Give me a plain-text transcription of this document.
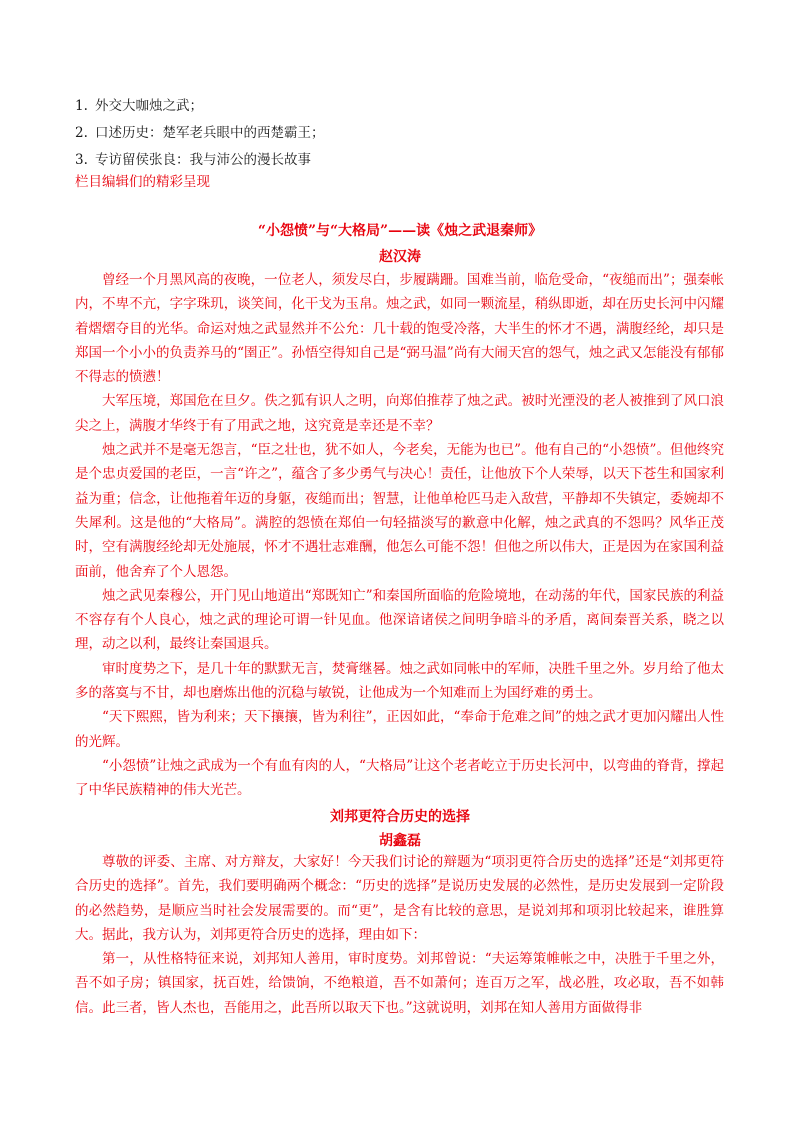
1. 外交大咖烛之武；
2. 口述历史：楚军老兵眼中的西楚霸王；
3. 专访留侯张良：我与沛公的漫长故事
栏目编辑们的精彩呈现
“小怨愤”与“大格局”——读《烛之武退秦师》
赵汉涛

曾经一个月黑风高的夜晚，一位老人，须发尽白，步履蹒跚。国难当前，临危受命，“夜缒而出”；强秦帐内，不卑不亢，字字珠玑，谈笑间，化干戈为玉帛。烛之武，如同一颗流星，稍纵即逝，却在历史长河中闪耀着熠熠夺目的光华。命运对烛之武显然并不公允：几十载的饱受冷落，大半生的怀才不遇，满腹经纶，却只是郑国一个小小的负责养马的“圉正”。孙悟空得知自己是“弼马温”尚有大闹天宫的怨气，烛之武又怎能没有郁郁不得志的愤懑！

大军压境，郑国危在旦夕。佚之狐有识人之明，向郑伯推荐了烛之武。被时光湮没的老人被推到了风口浪尖之上，满腹才华终于有了用武之地，这究竟是幸还是不幸？

烛之武并不是毫无怨言，“臣之壮也，犹不如人，今老矣，无能为也已”。他有自己的“小怨愤”。但他终究是个忠贞爱国的老臣，一言“许之”，蕴含了多少勇气与决心！责任，让他放下个人荣辱，以天下苍生和国家利益为重；信念，让他拖着年迈的身躯，夜缒而出；智慧，让他单枪匹马走入敌营，平静却不失镇定，委婉却不失犀利。这是他的“大格局”。满腔的怨愤在郑伯一句轻描淡写的歉意中化解，烛之武真的不怨吗？风华正茂时，空有满腹经纶却无处施展，怀才不遇壮志难酬，他怎么可能不怨！但他之所以伟大，正是因为在家国利益面前，他舍弃了个人恩怨。

烛之武见秦穆公，开门见山地道出“郑既知亡”和秦国所面临的危险境地，在动荡的年代，国家民族的利益不容存有个人良心，烛之武的理论可谓一针见血。他深谙诸侯之间明争暗斗的矛盾，离间秦晋关系，晓之以理，动之以利，最终让秦国退兵。

审时度势之下，是几十年的默默无言，焚膏继晷。烛之武如同帐中的军师，决胜千里之外。岁月给了他太多的落寞与不甘，却也磨炼出他的沉稳与敏锐，让他成为一个知难而上为国纾难的勇士。

“天下熙熙，皆为利来；天下攘攘，皆为利往”，正因如此，“奉命于危难之间”的烛之武才更加闪耀出人性的光辉。

“小怨愤”让烛之武成为一个有血有肉的人，“大格局”让这个老者屹立于历史长河中，以弯曲的脊背，撑起了中华民族精神的伟大光芒。

刘邦更符合历史的选择
胡鑫磊

尊敬的评委、主席、对方辩友，大家好！今天我们讨论的辩题为“项羽更符合历史的选择”还是“刘邦更符合历史的选择”。首先，我们要明确两个概念：“历史的选择”是说历史发展的必然性，是历史发展到一定阶段的必然趋势，是顺应当时社会发展需要的。而“更”，是含有比较的意思，是说刘邦和项羽比较起来，谁胜算大。据此，我方认为，刘邦更符合历史的选择，理由如下：

第一，从性格特征来说，刘邦知人善用，审时度势。刘邦曾说：“夫运筹策帷帐之中，决胜于千里之外，吾不如子房；镇国家，抚百姓，给馈饷，不绝粮道，吾不如萧何；连百万之军，战必胜，攻必取，吾不如韩信。此三者，皆人杰也，吾能用之，此吾所以取天下也。”这就说明，刘邦在知人善用方面做得非
